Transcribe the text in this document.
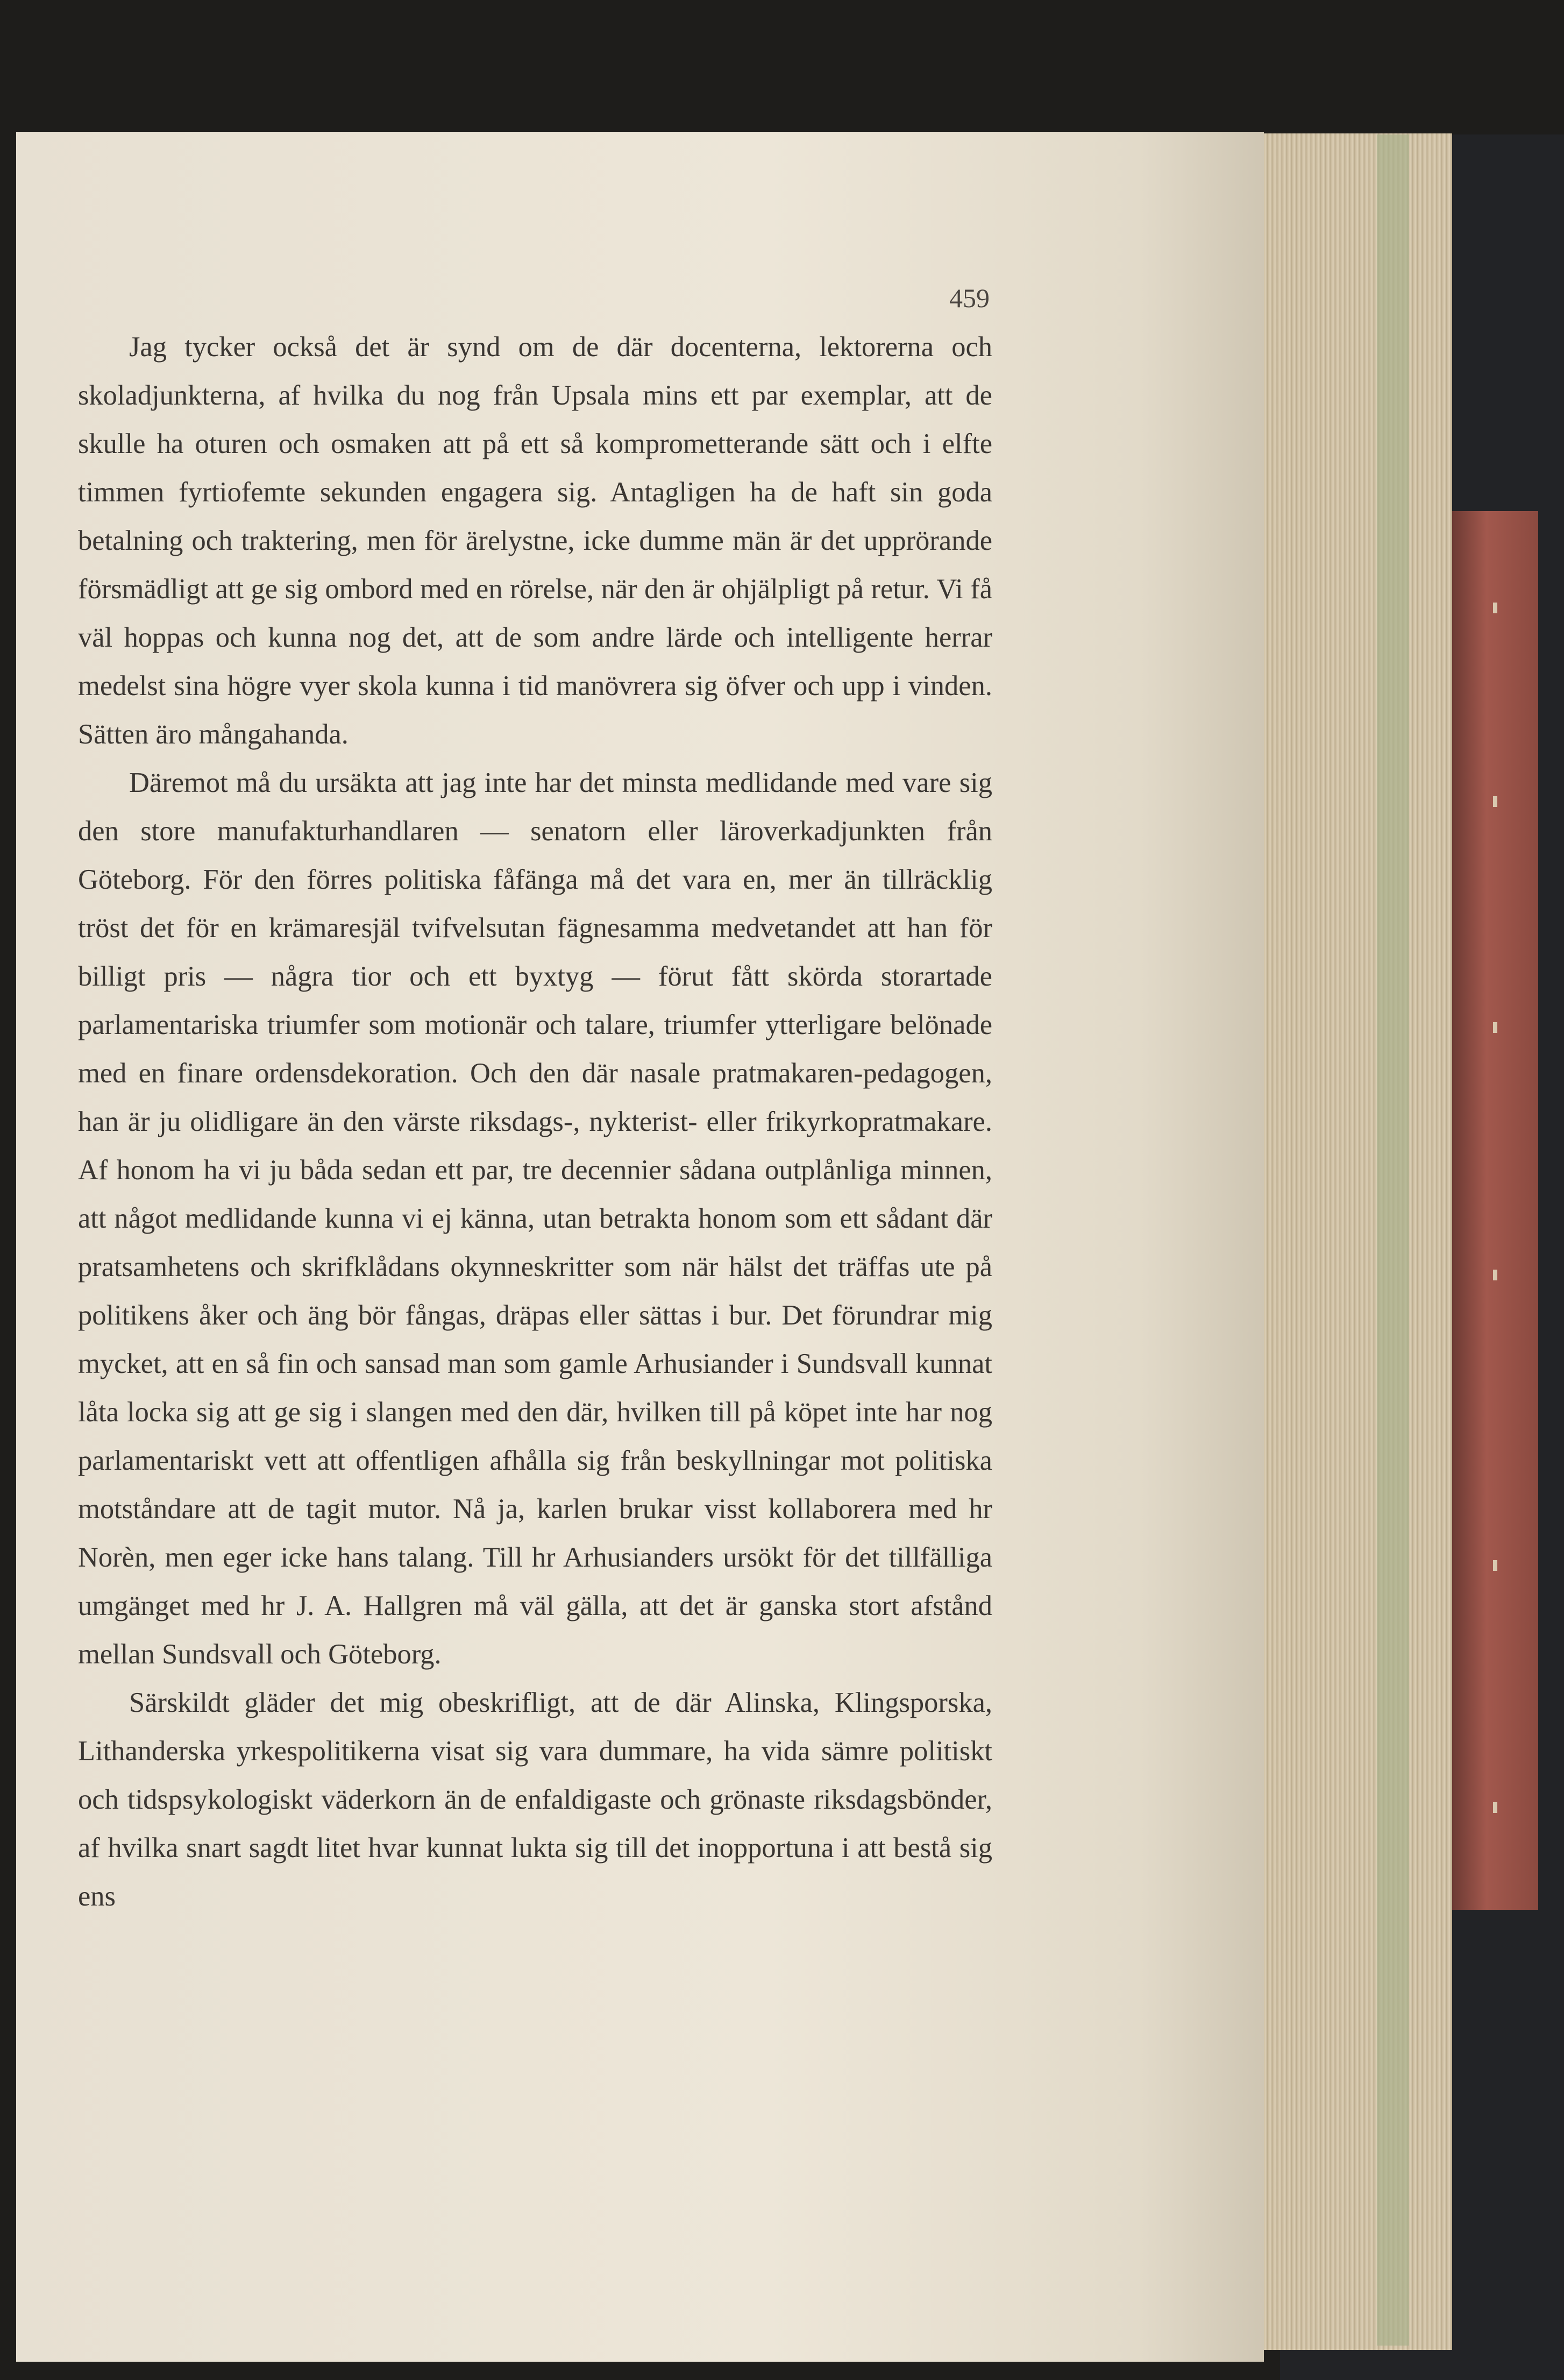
459

Jag tycker också det är synd om de där docenterna, lektorerna och skoladjunkterna, af hvilka du nog från Upsala mins ett par exemplar, att de skulle ha oturen och osmaken att på ett så komprometterande sätt och i elfte timmen fyrtiofemte sekunden engagera sig. Antagligen ha de haft sin goda betalning och traktering, men för ärelystne, icke dumme män är det upprörande försmädligt att ge sig ombord med en rörelse, när den är ohjälpligt på retur. Vi få väl hoppas och kunna nog det, att de som andre lärde och intelligente herrar medelst sina högre vyer skola kunna i tid manövrera sig öfver och upp i vinden. Sätten äro mångahanda.

Däremot må du ursäkta att jag inte har det minsta medlidande med vare sig den store manufakturhandlaren — senatorn eller läroverkadjunkten från Göteborg. För den förres politiska fåfänga må det vara en, mer än tillräcklig tröst det för en krämaresjäl tvifvelsutan fägnesamma medvetandet att han för billigt pris — några tior och ett byxtyg — förut fått skörda storartade parlamentariska triumfer som motionär och talare, triumfer ytterligare belönade med en finare ordensdekoration. Och den där nasale pratmakaren-pedagogen, han är ju olidligare än den värste riksdags-, nykterist- eller frikyrkopratmakare. Af honom ha vi ju båda sedan ett par, tre decennier sådana outplånliga minnen, att något medlidande kunna vi ej känna, utan betrakta honom som ett sådant där pratsamhetens och skrifklådans okynneskritter som när hälst det träffas ute på politikens åker och äng bör fångas, dräpas eller sättas i bur. Det förundrar mig mycket, att en så fin och sansad man som gamle Arhusiander i Sundsvall kunnat låta locka sig att ge sig i slangen med den där, hvilken till på köpet inte har nog parlamentariskt vett att offentligen afhålla sig från beskyllningar mot politiska motståndare att de tagit mutor. Nå ja, karlen brukar visst kollaborera med hr Norèn, men eger icke hans talang. Till hr Arhusianders ursökt för det tillfälliga umgänget med hr J. A. Hallgren må väl gälla, att det är ganska stort afstånd mellan Sundsvall och Göteborg.

Särskildt gläder det mig obeskrifligt, att de där Alinska, Klingsporska, Lithanderska yrkespolitikerna visat sig vara dummare, ha vida sämre politiskt och tidspsykologiskt väderkorn än de enfaldigaste och grönaste riksdagsbönder, af hvilka snart sagdt litet hvar kunnat lukta sig till det inopportuna i att bestå sig ens
